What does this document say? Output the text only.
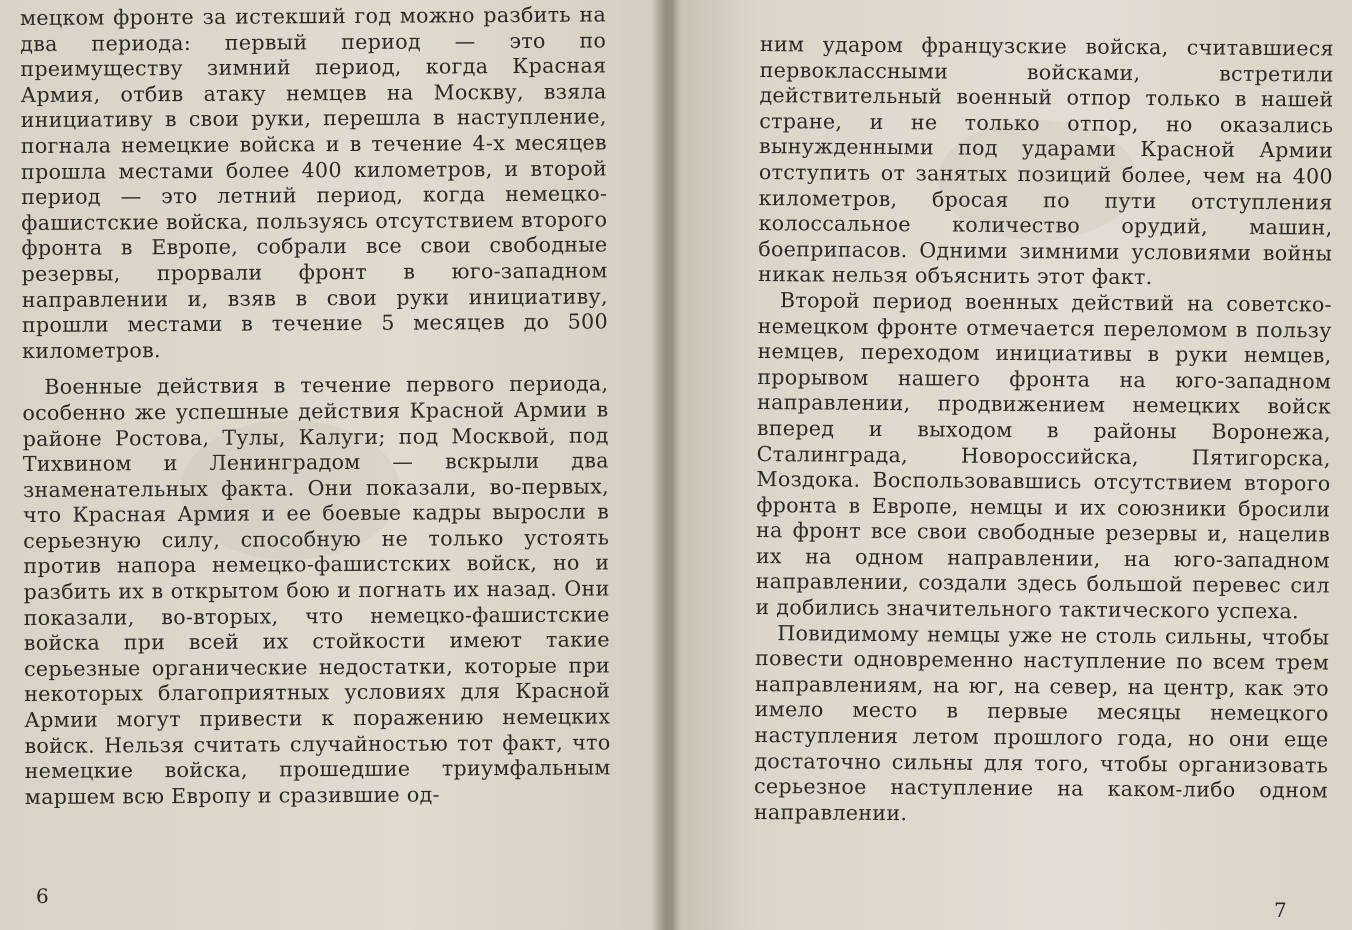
мецком фронте за истекший год можно разбить на два периода: первый период — это по преимуществу зимний период, когда Красная Армия, отбив атаку немцев на Москву, взяла инициативу в свои руки, перешла в наступление, погнала немецкие войска и в течение 4-х месяцев прошла местами более 400 километров, и второй период — это летний период, когда немецко-фашистские войска, пользуясь отсутствием второго фронта в Европе, собрали все свои свободные резервы, прорвали фронт в юго-западном направлении и, взяв в свои руки инициативу, прошли местами в течение 5 месяцев до 500 километров.

Военные действия в течение первого периода, особенно же успешные действия Красной Армии в районе Ростова, Тулы, Калуги; под Москвой, под Тихвином и Ленинградом — вскрыли два знаменательных факта. Они показали, во-первых, что Красная Армия и ее боевые кадры выросли в серьезную силу, способную не только устоять против напора немецко-фашистских войск, но и разбить их в открытом бою и погнать их назад. Они показали, во-вторых, что немецко-фашистские войска при всей их стойкости имеют такие серьезные органические недостатки, которые при некоторых благоприятных условиях для Красной Армии могут привести к поражению немецких войск. Нельзя считать случайностью тот факт, что немецкие войска, прошедшие триумфальным маршем всю Европу и сразившие од-

6

ним ударом французские войска, считавшиеся первоклассными войсками, встретили действительный военный отпор только в нашей стране, и не только отпор, но оказались вынужденными под ударами Красной Армии отступить от занятых позиций более, чем на 400 километров, бросая по пути отступления колоссальное количество орудий, машин, боеприпасов. Одними зимними условиями войны никак нельзя объяснить этот факт.

Второй период военных действий на советско-немецком фронте отмечается переломом в пользу немцев, переходом инициативы в руки немцев, прорывом нашего фронта на юго-западном направлении, продвижением немецких войск вперед и выходом в районы Воронежа, Сталинграда, Новороссийска, Пятигорска, Моздока. Воспользовавшись отсутствием второго фронта в Европе, немцы и их союзники бросили на фронт все свои свободные резервы и, нацелив их на одном направлении, на юго-западном направлении, создали здесь большой перевес сил и добились значительного тактического успеха.

Повидимому немцы уже не столь сильны, чтобы повести одновременно наступление по всем трем направлениям, на юг, на север, на центр, как это имело место в первые месяцы немецкого наступления летом прошлого года, но они еще достаточно сильны для того, чтобы организовать серьезное наступление на каком-либо одном направлении.

7
